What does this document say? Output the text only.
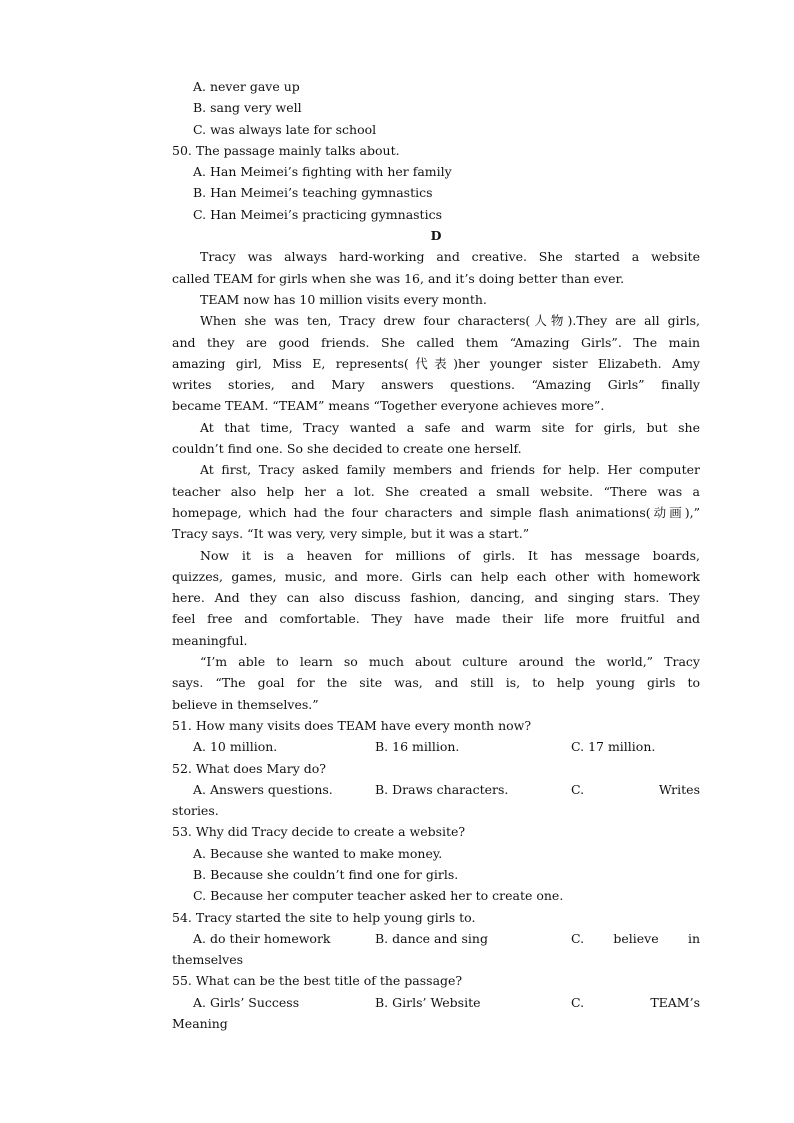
A. never gave up
B. sang very well
C. was always late for school
50. The passage mainly talks about.
A. Han Meimei’s fighting with her family
B. Han Meimei’s teaching gymnastics
C. Han Meimei’s practicing gymnastics
D
Tracy was always hard-working and creative. She started a website
called TEAM for girls when she was 16, and it’s doing better than ever.
TEAM now has 10 million visits every month.
When she was ten, Tracy drew four characters(人物).They are all girls,
and they are good friends. She called them “Amazing Girls”. The main
amazing girl, Miss E, represents(代表)her younger sister Elizabeth. Amy
writes stories, and Mary answers questions. “Amazing Girls” finally
became TEAM. “TEAM” means “Together everyone achieves more”.
At that time, Tracy wanted a safe and warm site for girls, but she
couldn’t find one. So she decided to create one herself.
At first, Tracy asked family members and friends for help. Her computer
teacher also help her a lot. She created a small website. “There was a
homepage, which had the four characters and simple flash animations(动画),”
Tracy says. “It was very, very simple, but it was a start.”
Now it is a heaven for millions of girls. It has message boards,
quizzes, games, music, and more. Girls can help each other with homework
here. And they can also discuss fashion, dancing, and singing stars. They
feel free and comfortable. They have made their life more fruitful and
meaningful.
“I’m able to learn so much about culture around the world,” Tracy
says. “The goal for the site was, and still is, to help young girls to
believe in themselves.”
51. How many visits does TEAM have every month now?
A. 10 million.	B. 16 million.	C. 17 million.
52. What does Mary do?
A. Answers questions.	B. Draws characters.	C. Writes
stories.
53. Why did Tracy decide to create a website?
A. Because she wanted to make money.
B. Because she couldn’t find one for girls.
C. Because her computer teacher asked her to create one.
54. Tracy started the site to help young girls to.
A. do their homework	B. dance and sing	C. believe in
themselves
55. What can be the best title of the passage?
A. Girls’ Success	B. Girls’ Website	C. TEAM’s
Meaning
